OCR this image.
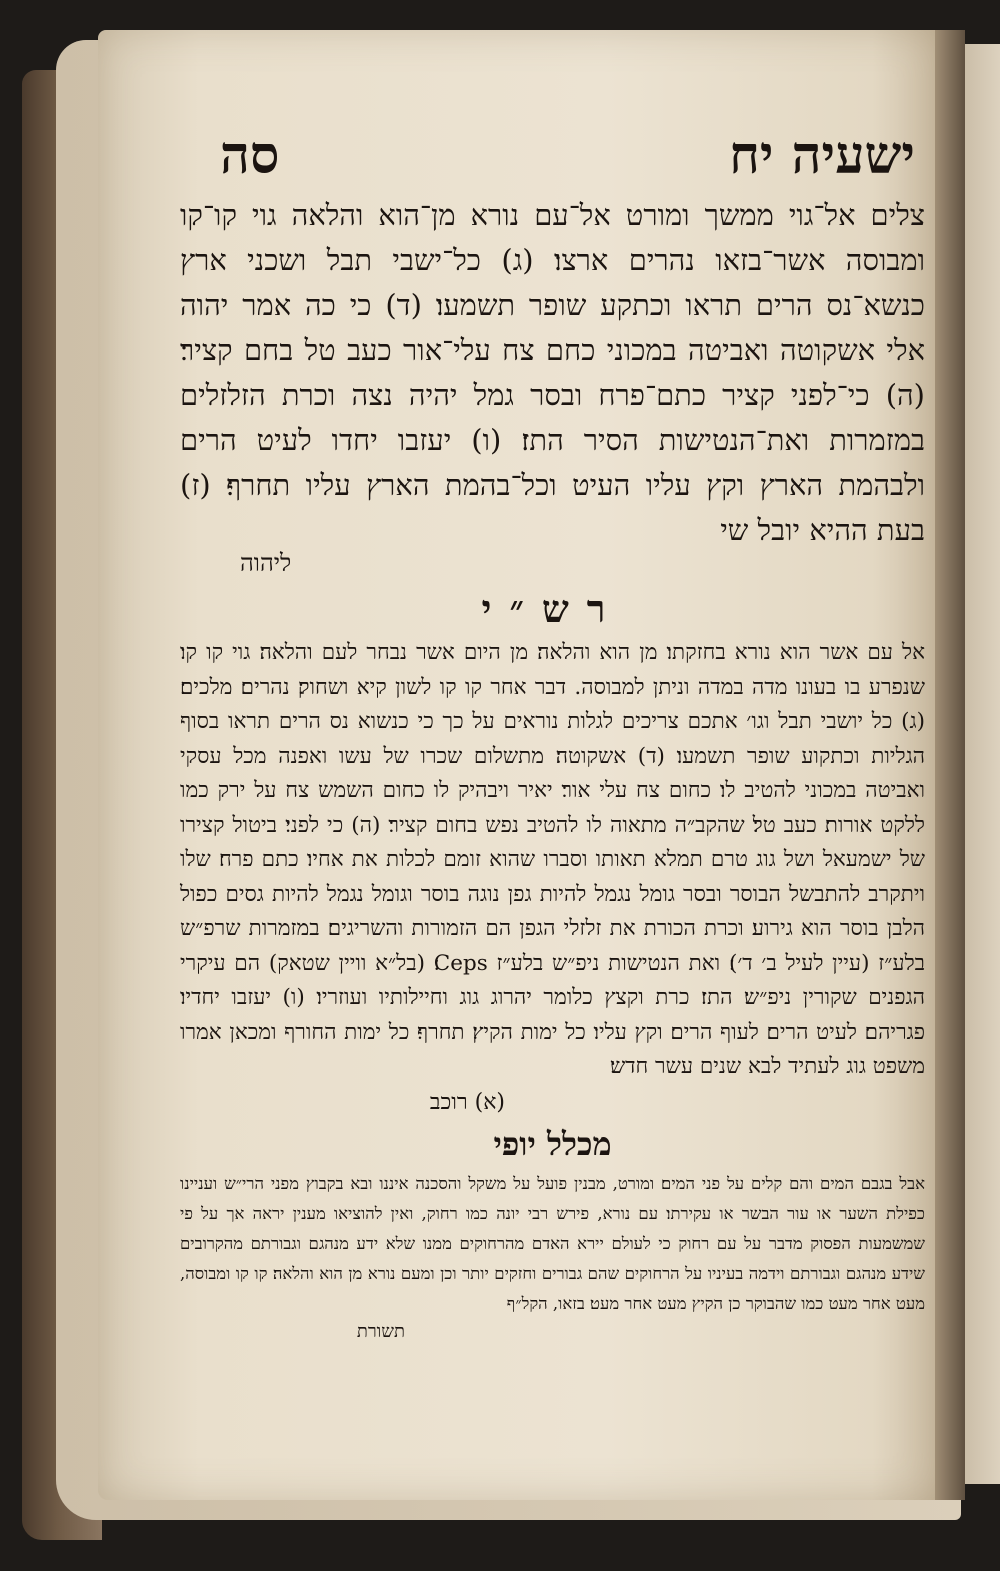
ישעיה יח
סה
צלים אל־גוי ממשך ומורט אל־עם נורא מן־הוא והלאה גוי קו־קו ומבוסה אשר־בזאו נהרים ארצו׃ (ג) כל־ישבי תבל ושכני ארץ כנשא־נס הרים תראו וכתקע שופר תשמעו׃ (ד) כי כה אמר יהוה אלי אשקוטה ואביטה במכוני כחם צח עלי־אור כעב טל בחם קציר׃ (ה) כי־לפני קציר כתם־פרח ובסר גמל יהיה נצה וכרת הזלזלים במזמרות ואת־הנטישות הסיר התז׃ (ו) יעזבו יחדו לעיט הרים ולבהמת הארץ וקץ עליו העיט וכל־בהמת הארץ עליו תחרף׃ (ז) בעת ההיא יובל שי
ליהוה
רש״י
אל עם אשר הוא נורא בחזקתו׃ מן הוא והלאה׃ מן היום אשר נבחר לעם והלאה׃ גוי קו קו׃ שנפרע בו בעונו מדה במדה וניתן למבוסה. דבר אחר קו קו לשון קיא ושחוק׃ נהרים׃ מלכים׃ (ג) כל יושבי תבל וגו׳ אתכם צריכים לגלות נוראים על כך כי כנשוא נס הרים תראו בסוף הגליות וכתקוע שופר תשמעו׃ (ד) אשקוטה׃ מתשלום שכרו של עשו ואפנה מכל עסקי ואביטה במכוני להטיב לו׃ כחום צח עלי אור׃ יאיר ויבהיק לו כחום השמש צח על ירק כמו ללקט אורות׃ כעב טל׃ שהקב״ה מתאוה לו להטיב נפש בחום קציר׃ (ה) כי לפני׃ ביטול קצירו של ישמעאל ושל גוג טרם תמלא תאותו וסברו שהוא זומם לכלות את אחיו׃ כתם פרח׃ שלו ויתקרב להתבשל הבוסר ובסר גומל נגמל להיות גפן נוגה בוסר וגומל נגמל להיות גסים כפול הלבן בוסר הוא גירוע׃ וכרת הכורת את זלזלי הגפן הם הזמורות והשריגים׃ במזמרות שרפ״ש בלע״ז (עיין לעיל ב׳ ד׳)׃ ואת הנטישות ניפ״ש בלע״ז Ceps׃ (בל״א וויין שטאק) הם עיקרי הגפנים שקורין ניפ״ש׃ התז׃ כרת וקצץ כלומר יהרוג גוג וחיילותיו ועוזריו׃ (ו) יעזבו יחדיו׃ פגריהם׃ לעיט הרים׃ לעוף הרים׃ וקץ עליו׃ כל ימות הקיץ׃ תחרף׃ כל ימות החורף ומכאן אמרו משפט גוג לעתיד לבא שנים עשר חדש׃
(א) רוכב
מכלל יופי
אבל בגבם המים והם קלים על פני המים׃ ומורט, מבנין פועל על משקל והסכנה איננו ובא בקבוץ מפני הרי״ש ועניינו כפילת השער או עור הבשר או עקירתו׃ עם נורא, פירש רבי יונה כמו רחוק, ואין להוציאו מענין יראה אך על פי שמשמעות הפסוק מדבר על עם רחוק כי לעולם יירא האדם מהרחוקים ממנו שלא ידע מנהגם וגבורתם מהקרובים שידע מנהגם וגבורתם וידמה בעיניו על הרחוקים שהם גבורים וחזקים יותר וכן ומעם נורא מן הוא והלאה׃ קו קו ומבוסה, מעט אחר מעט כמו שהבוקר כן הקיץ מעט אחר מעט׃ בזאו, הקל״ף
תשורת
